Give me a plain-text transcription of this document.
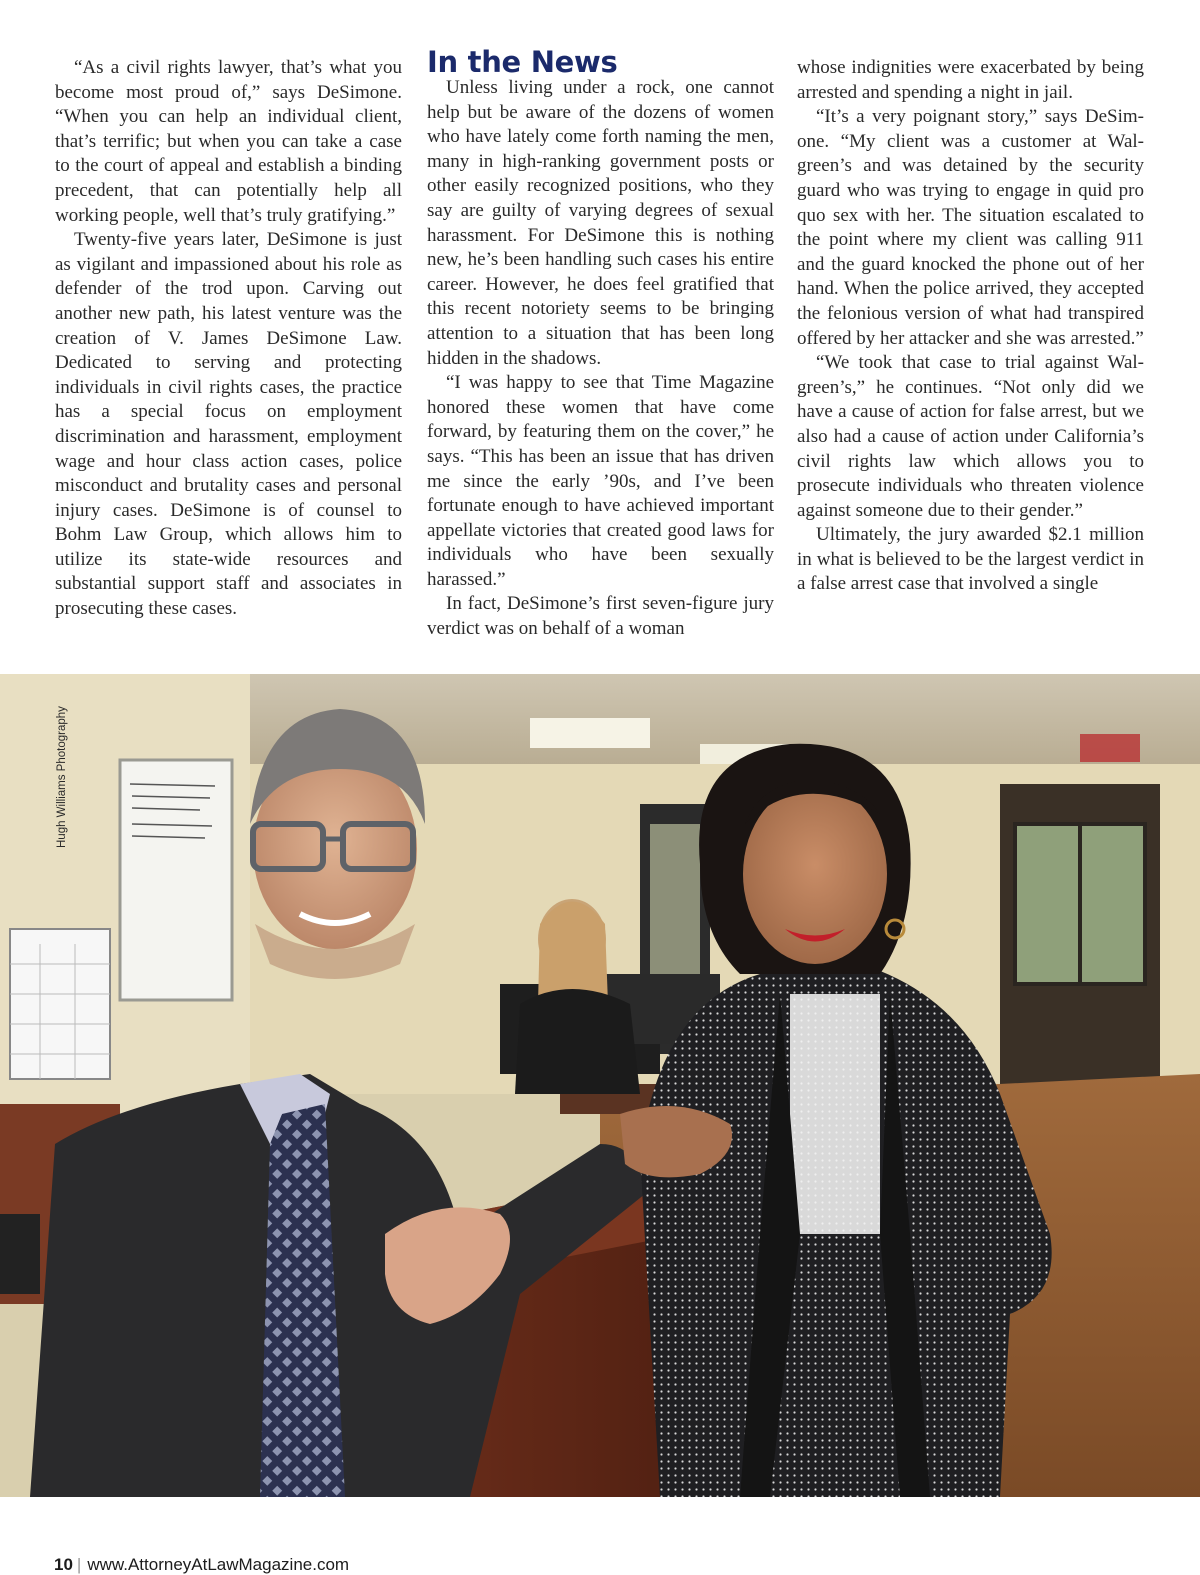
“As a civil rights lawyer, that’s what you become most proud of,” says DeSimone. “When you can help an individual client, that’s terrific; but when you can take a case to the court of appeal and establish a binding precedent, that can potentially help all working people, well that’s truly gratifying.”

Twenty-five years later, DeSimone is just as vigilant and impassioned about his role as defender of the trod upon. Carving out another new path, his latest venture was the creation of V. James DeSimone Law. Dedicated to serving and protecting individuals in civil rights cases, the practice has a special focus on employment discrimination and harassment, employment wage and hour class action cases, police misconduct and brutality cases and personal injury cases. DeSimone is of counsel to Bohm Law Group, which allows him to utilize its state-wide resources and substantial support staff and associates in prosecuting these cases.

In the News

Unless living under a rock, one cannot help but be aware of the dozens of women who have lately come forth naming the men, many in high-ranking government posts or other easily recognized positions, who they say are guilty of varying degrees of sexual harassment. For DeSimone this is nothing new, he’s been handling such cases his entire career. However, he does feel gratified that this recent notoriety seems to be bringing attention to a situation that has been long hidden in the shadows.

“I was happy to see that Time Magazine honored these women that have come forward, by featuring them on the cover,” he says. “This has been an issue that has driven me since the early ’90s, and I’ve been fortunate enough to have achieved important appellate victories that created good laws for individuals who have been sexually harassed.”

In fact, DeSimone’s first seven-figure jury verdict was on behalf of a woman

whose indignities were exacerbated by being arrested and spending a night in jail.

“It’s a very poignant story,” says DeSimone. “My client was a customer at Walgreen’s and was detained by the security guard who was trying to engage in quid pro quo sex with her. The situation escalated to the point where my client was calling 911 and the guard knocked the phone out of her hand. When the police arrived, they accepted the felonious version of what had transpired offered by her attacker and she was arrested.”

“We took that case to trial against Walgreen’s,” he continues. “Not only did we have a cause of action for false arrest, but we also had a cause of action under California’s civil rights law which allows you to prosecute individuals who threaten violence against someone due to their gender.”

Ultimately, the jury awarded $2.1 million in what is believed to be the largest verdict in a false arrest case that involved a single

Hugh Williams Photography
10 | www.AttorneyAtLawMagazine.com
